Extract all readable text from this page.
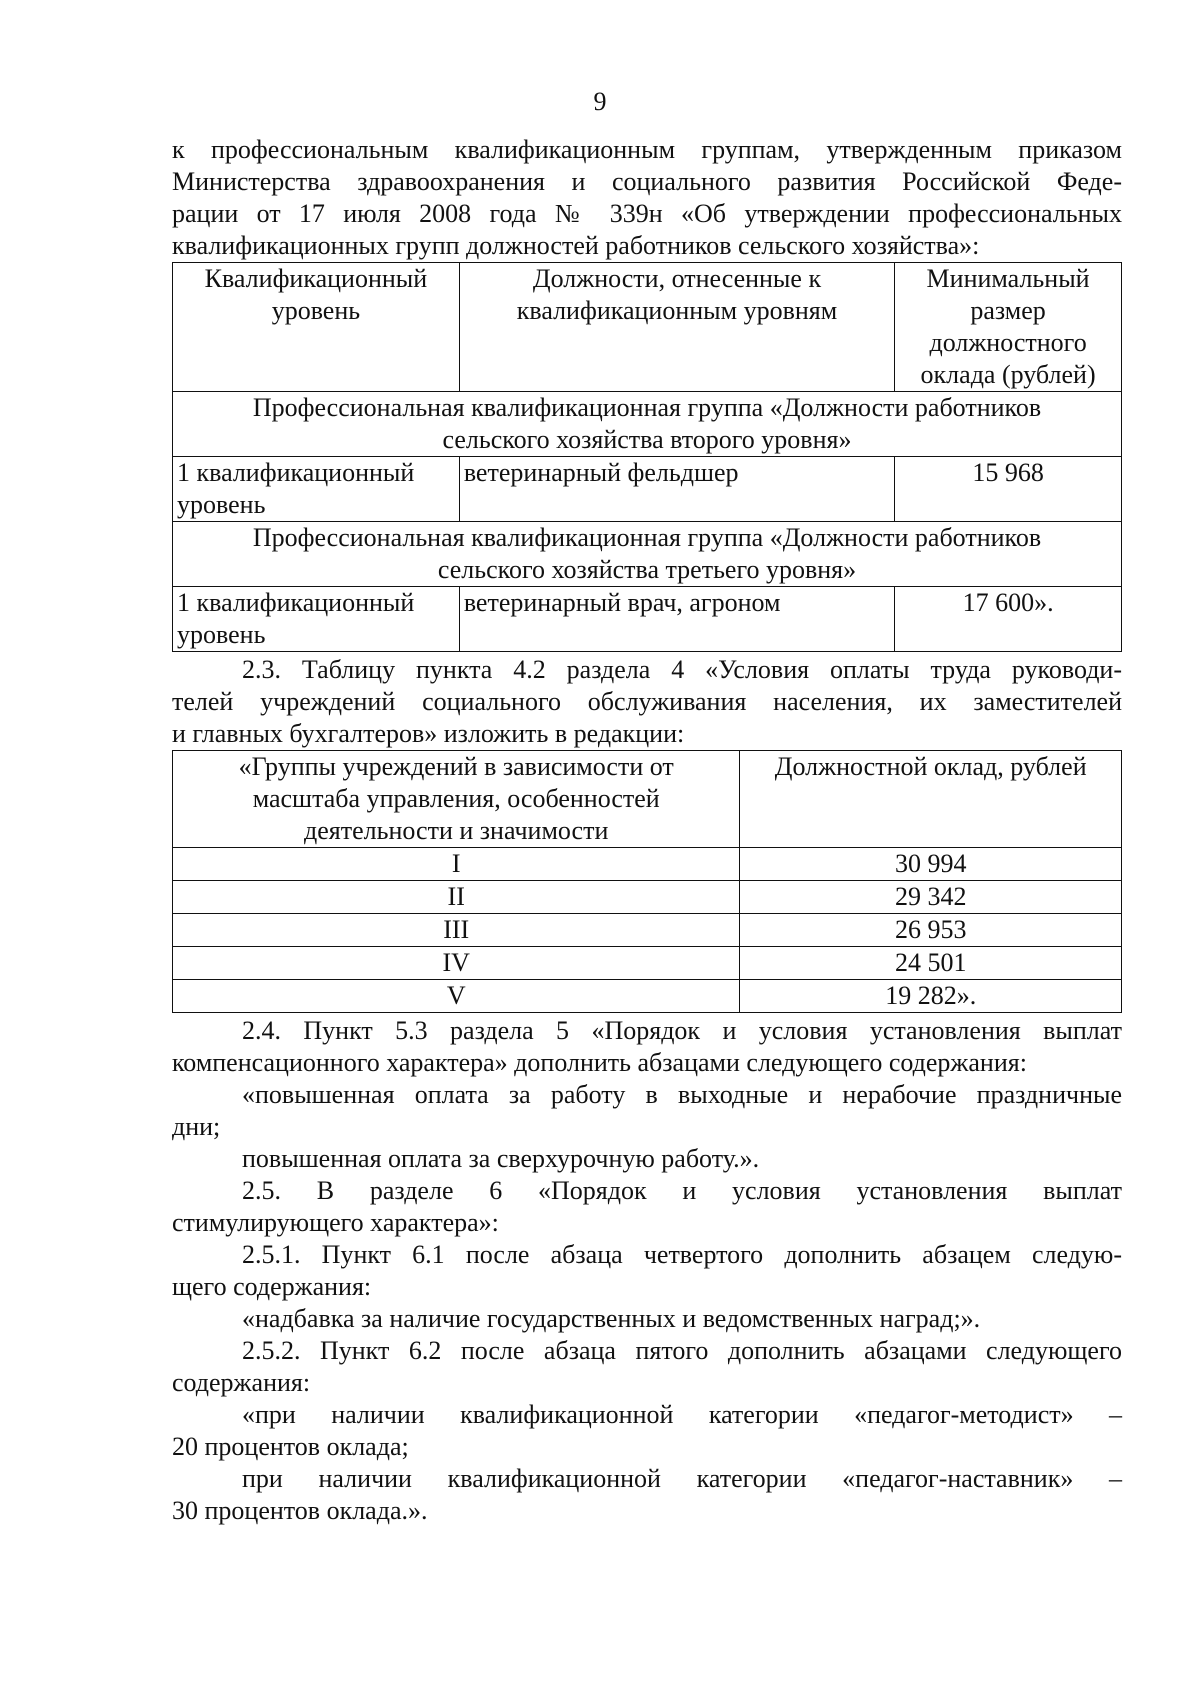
9

к профессиональным квалификационным группам, утвержденным приказом

Министерства здравоохранения и социального развития Российской Феде-

рации от 17 июля 2008 года № 339н «Об утверждении профессиональных

квалификационных групп должностей работников сельского хозяйства»:

Квалификационный уровень	Должности, отнесенные к квалификационным уровням	Минимальный размер должностного оклада (рублей)
Профессиональная квалификационная группа «Должности работников сельского хозяйства второго уровня»		
1 квалификационный уровень	ветеринарный фельдшер	15 968
Профессиональная квалификационная группа «Должности работников сельского хозяйства третьего уровня»		
1 квалификационный уровень	ветеринарный врач, агроном	17 600».

2.3. Таблицу пункта 4.2 раздела 4 «Условия оплаты труда руководи-

телей учреждений социального обслуживания населения, их заместителей

и главных бухгалтеров» изложить в редакции:

«Группы учреждений в зависимости от масштаба управления, особенностей деятельности и значимости	Должностной оклад, рублей
I	30 994
II	29 342
III	26 953
IV	24 501
V	19 282».

2.4. Пункт 5.3 раздела 5 «Порядок и условия установления выплат

компенсационного характера» дополнить абзацами следующего содержания:

«повышенная оплата за работу в выходные и нерабочие праздничные

дни;

повышенная оплата за сверхурочную работу.».

2.5. В разделе 6 «Порядок и условия установления выплат

стимулирующего характера»:

2.5.1. Пункт 6.1 после абзаца четвертого дополнить абзацем следую-

щего содержания:

«надбавка за наличие государственных и ведомственных наград;».

2.5.2. Пункт 6.2 после абзаца пятого дополнить абзацами следующего

содержания:

«при наличии квалификационной категории «педагог-методист» –

20 процентов оклада;

при наличии квалификационной категории «педагог-наставник» –

30 процентов оклада.».
